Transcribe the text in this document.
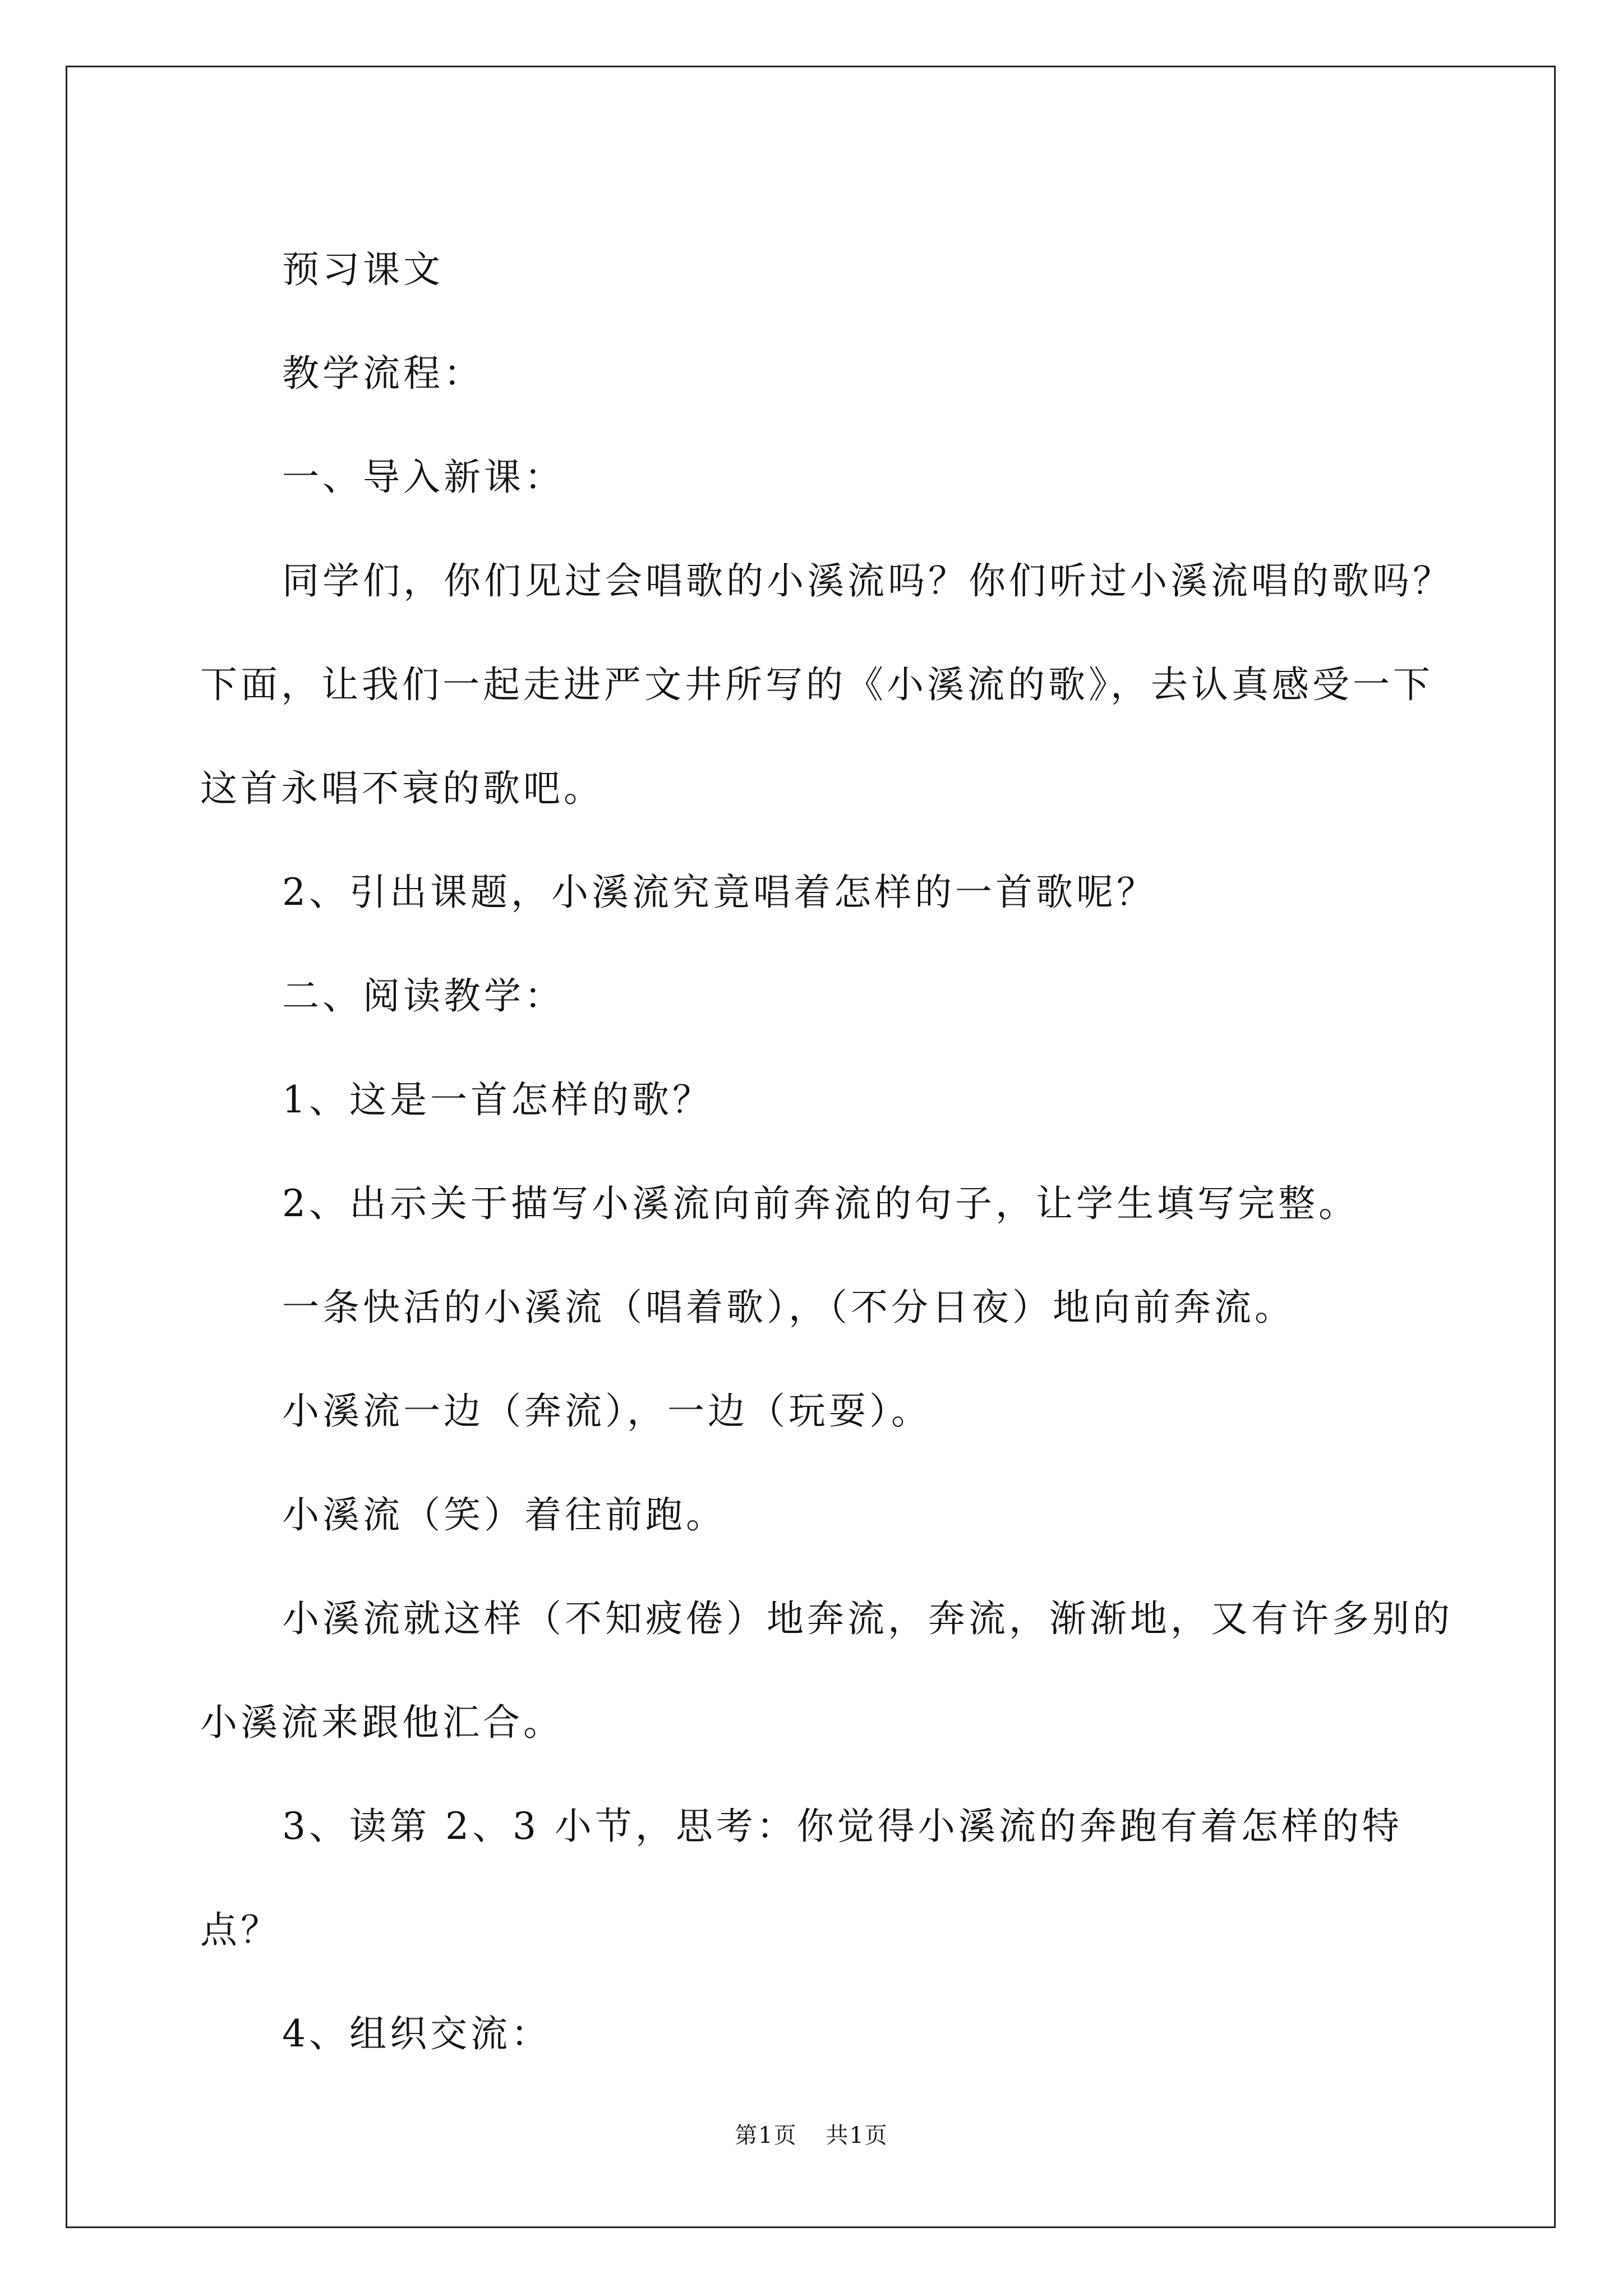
预习课文

教学流程：

一、导入新课：

同学们，你们见过会唱歌的小溪流吗？你们听过小溪流唱的歌吗？下面，让我们一起走进严文井所写的《小溪流的歌》，去认真感受一下这首永唱不衰的歌吧。

2、引出课题，小溪流究竟唱着怎样的一首歌呢？

二、阅读教学：

1、这是一首怎样的歌？

2、出示关于描写小溪流向前奔流的句子，让学生填写完整。

一条快活的小溪流（唱着歌），（不分日夜）地向前奔流。

小溪流一边（奔流），一边（玩耍）。

小溪流（笑）着往前跑。

小溪流就这样（不知疲倦）地奔流，奔流，渐渐地，又有许多别的小溪流来跟他汇合。

3、读第 2、3 小节，思考：你觉得小溪流的奔跑有着怎样的特点？

4、组织交流：

第1页 共1页
